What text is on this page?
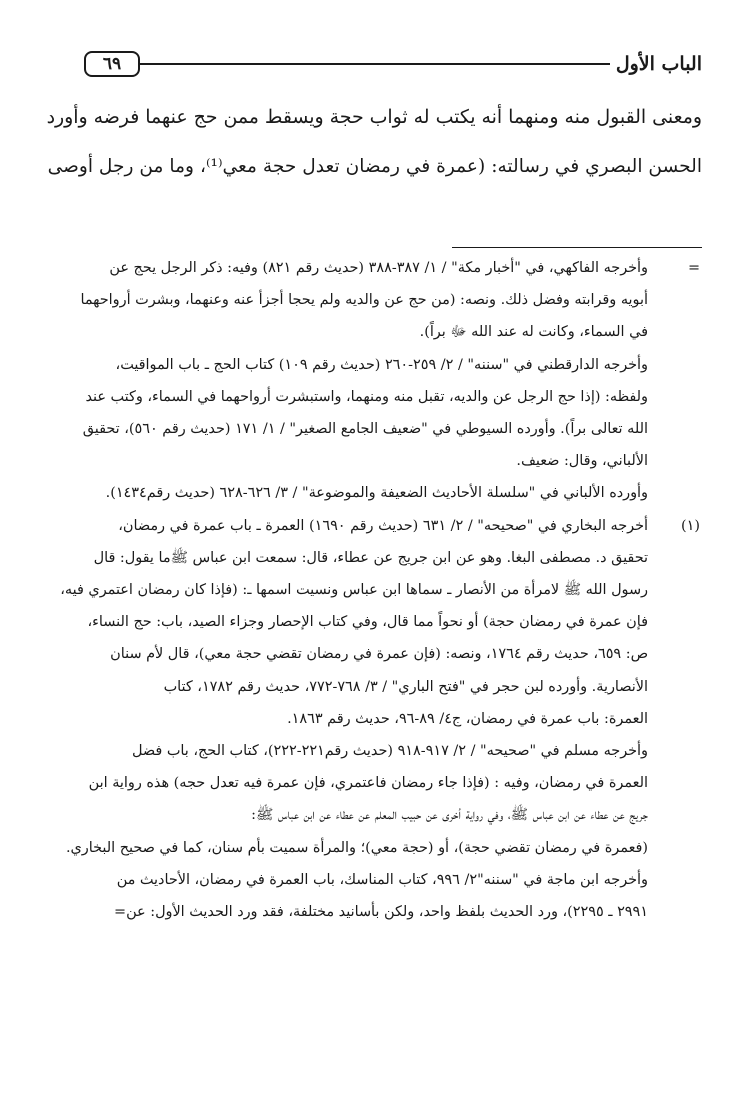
الباب الأول
٦٩
ومعنى القبول منه ومنهما أنه يكتب له ثواب حجة ويسقط ممن حج عنهما فرضه وأورد
الحسن البصري في رسالته: (عمرة في رمضان تعدل حجة معي⁽¹⁾، وما من رجل أوصى
=
وأخرجه الفاكهي، في "أخبار مكة" / ١/ ٣٨٧-٣٨٨ (حديث رقم ٨٢١) وفيه: ذكر الرجل يحج عن
أبويه وقرابته وفضل ذلك. ونصه: (من حج عن والديه ولم يحجا أجزأ عنه وعنهما، وبشرت أرواحهما
في السماء، وكانت له عند الله ﷻ براً).
وأخرجه الدارقطني في "سننه" / ٢/ ٢٥٩-٢٦٠ (حديث رقم ١٠٩) كتاب الحج ـ باب المواقيت،
ولفظه: (إذا حج الرجل عن والديه، تقبل منه ومنهما، واستبشرت أرواحهما في السماء، وكتب عند
الله تعالى براً). وأورده السيوطي في "ضعيف الجامع الصغير" / ١/ ١٧١ (حديث رقم ٥٦٠)، تحقيق
الألباني، وقال: ضعيف.
وأورده الألباني في "سلسلة الأحاديث الضعيفة والموضوعة" / ٣/ ٦٢٦-٦٢٨ (حديث رقم١٤٣٤).
(١)
أخرجه البخاري في "صحيحه" / ٢/ ٦٣١ (حديث رقم ١٦٩٠) العمرة ـ باب عمرة في رمضان،
تحقيق د. مصطفى البغا. وهو عن ابن جريج عن عطاء، قال: سمعت ابن عباس ﷺما يقول: قال
رسول الله ﷺ لامرأة من الأنصار ـ سماها ابن عباس ونسيت اسمها ـ: (فإذا كان رمضان اعتمري فيه،
فإن عمرة في رمضان حجة) أو نحواً مما قال، وفي كتاب الإحصار وجزاء الصيد، باب: حج النساء،
ص: ٦٥٩، حديث رقم ١٧٦٤، ونصه: (فإن عمرة في رمضان تقضي حجة معي)، قال لأم سنان
الأنصارية. وأورده لبن حجر في "فتح الباري" / ٣/ ٧٦٨-٧٧٢، حديث رقم ١٧٨٢، كتاب
العمرة: باب عمرة في رمضان، ج٤/ ٨٩-٩٦، حديث رقم ١٨٦٣.
وأخرجه مسلم في "صحيحه" / ٢/ ٩١٧-٩١٨ (حديث رقم٢٢١-٢٢٢)، كتاب الحج، باب فضل
العمرة في رمضان، وفيه : (فإذا جاء رمضان فاعتمري، فإن عمرة فيه تعدل حجه) هذه رواية ابن
جريج عن عطاء عن ابن عباس ﷺ، وفي رواية أخرى عن حبيب المعلم عن عطاء عن ابن عباس ﷺ:
(فعمرة في رمضان تقضي حجة)، أو (حجة معي)؛ والمرأة سميت بأم سنان، كما في صحيح البخاري.
وأخرجه ابن ماجة في "سننه"٢/ ٩٩٦، كتاب المناسك، باب العمرة في رمضان، الأحاديث من
٢٩٩١ ـ ٢٢٩٥)، ورد الحديث بلفظ واحد، ولكن بأسانيد مختلفة، فقد ورد الحديث الأول: عن=
